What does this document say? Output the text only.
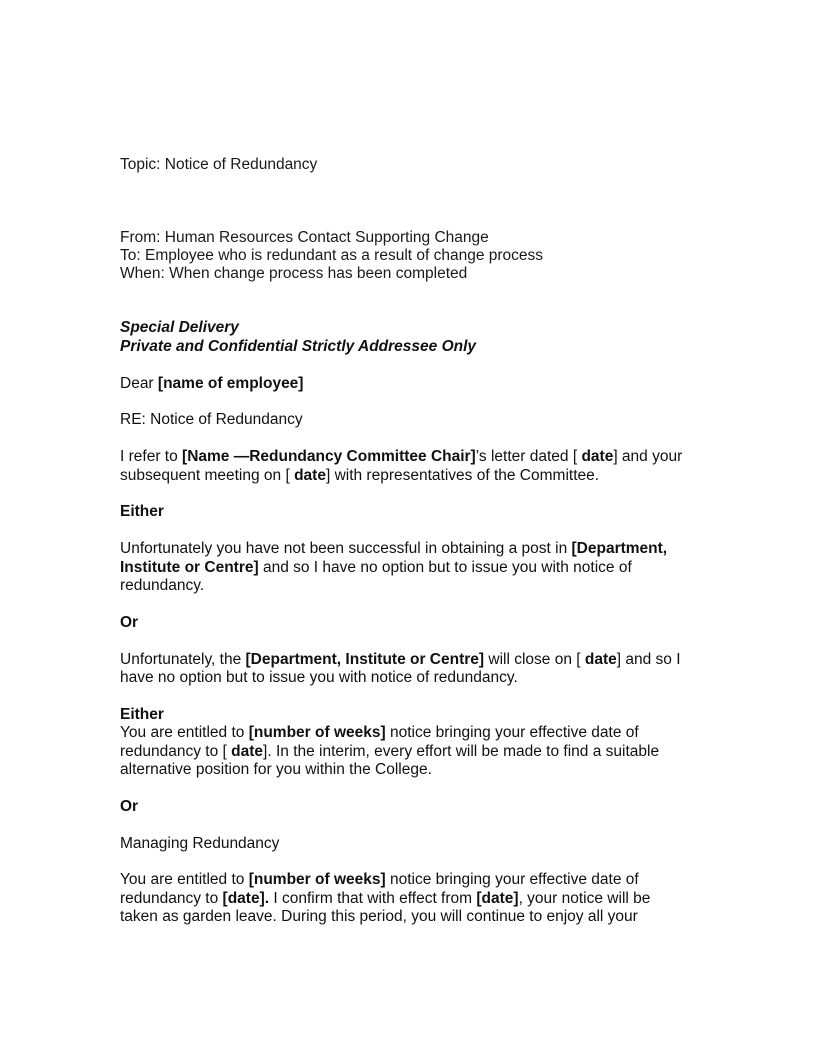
Topic: Notice of Redundancy
From: Human Resources Contact Supporting Change
To: Employee who is redundant as a result of change process
When: When change process has been completed
Special Delivery
Private and Confidential Strictly Addressee Only
Dear [name of employee]
RE: Notice of Redundancy
I refer to [Name —Redundancy Committee Chair]’s letter dated [ date] and your
subsequent meeting on [ date] with representatives of the Committee.
Either
Unfortunately you have not been successful in obtaining a post in [Department,
Institute or Centre] and so I have no option but to issue you with notice of
redundancy.
Or
Unfortunately, the [Department, Institute or Centre] will close on [ date] and so I
have no option but to issue you with notice of redundancy.
Either
You are entitled to [number of weeks] notice bringing your effective date of
redundancy to [ date]. In the interim, every effort will be made to find a suitable
alternative position for you within the College.
Or
Managing Redundancy
You are entitled to [number of weeks] notice bringing your effective date of
redundancy to [date]. I confirm that with effect from [date], your notice will be
taken as garden leave. During this period, you will continue to enjoy all your
